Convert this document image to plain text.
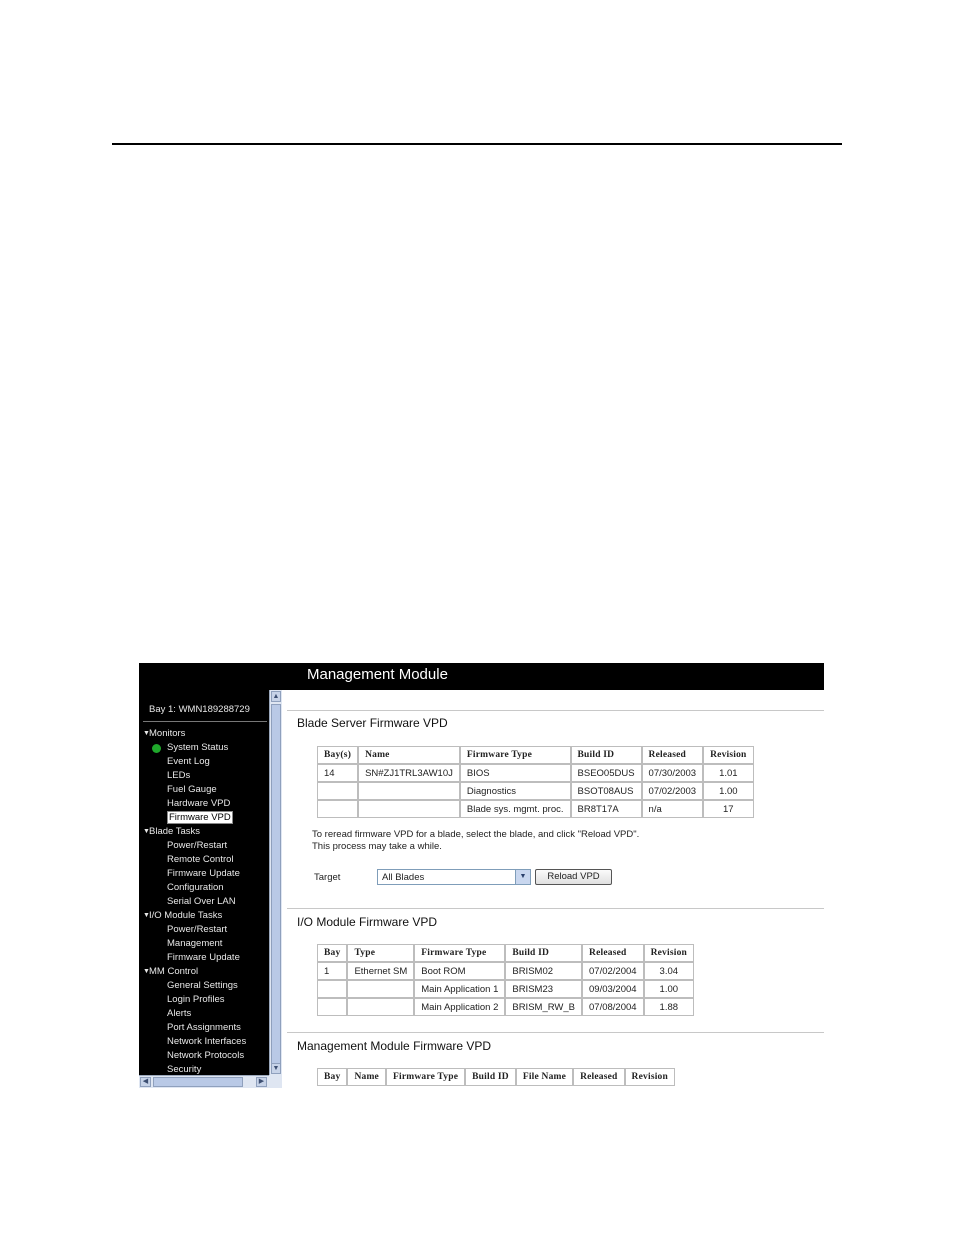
Management Module
Bay 1: WMN189288729
▼Monitors
System Status
Event Log
LEDs
Fuel Gauge
Hardware VPD
Firmware VPD
▼Blade Tasks
Power/Restart
Remote Control
Firmware Update
Configuration
Serial Over LAN
▼I/O Module Tasks
Power/Restart
Management
Firmware Update
▼MM Control
General Settings
Login Profiles
Alerts
Port Assignments
Network Interfaces
Network Protocols
Security
▲
▼
◀	▶
Blade Server Firmware VPD
Bay(s)	Name	Firmware Type	Build ID	Released	Revision
14	SN#ZJ1TRL3AW10J	BIOS	BSEO05DUS	07/30/2003	1.01
		Diagnostics	BSOT08AUS	07/02/2003	1.00
		Blade sys. mgmt. proc.	BR8T17A	n/a	17
To reread firmware VPD for a blade, select the blade, and click "Reload VPD".
This process may take a while.
Target	All Blades	▼	Reload VPD
I/O Module Firmware VPD
Bay	Type	Firmware Type	Build ID	Released	Revision
1	Ethernet SM	Boot ROM	BRISM02	07/02/2004	3.04
		Main Application 1	BRISM23	09/03/2004	1.00
		Main Application 2	BRISM_RW_B	07/08/2004	1.88
Management Module Firmware VPD
Bay	Name	Firmware Type	Build ID	File Name	Released	Revision
